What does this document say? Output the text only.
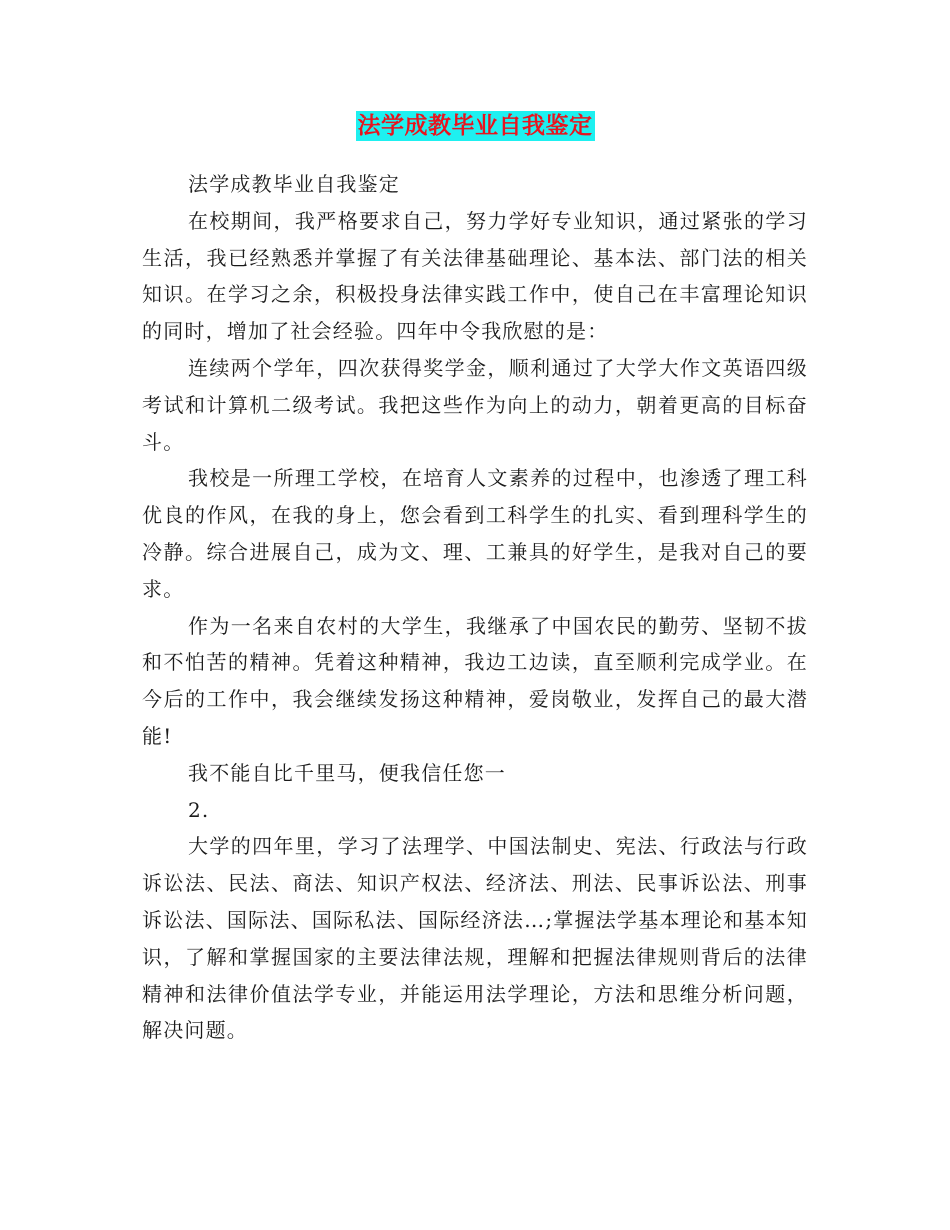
法学成教毕业自我鉴定

法学成教毕业自我鉴定

在校期间，我严格要求自己，努力学好专业知识，通过紧张的学习生活，我已经熟悉并掌握了有关法律基础理论、基本法、部门法的相关知识。在学习之余，积极投身法律实践工作中，使自己在丰富理论知识的同时，增加了社会经验。四年中令我欣慰的是：

连续两个学年，四次获得奖学金，顺利通过了大学大作文英语四级考试和计算机二级考试。我把这些作为向上的动力，朝着更高的目标奋斗。

我校是一所理工学校，在培育人文素养的过程中，也渗透了理工科优良的作风，在我的身上，您会看到工科学生的扎实、看到理科学生的冷静。综合进展自己，成为文、理、工兼具的好学生，是我对自己的要求。

作为一名来自农村的大学生，我继承了中国农民的勤劳、坚韧不拔和不怕苦的精神。凭着这种精神，我边工边读，直至顺利完成学业。在今后的工作中，我会继续发扬这种精神，爱岗敬业，发挥自己的最大潜能!

我不能自比千里马，便我信任您一

2.

大学的四年里，学习了法理学、中国法制史、宪法、行政法与行政诉讼法、民法、商法、知识产权法、经济法、刑法、民事诉讼法、刑事诉讼法、国际法、国际私法、国际经济法…;掌握法学基本理论和基本知识，了解和掌握国家的主要法律法规，理解和把握法律规则背后的法律精神和法律价值法学专业，并能运用法学理论，方法和思维分析问题，解决问题。
